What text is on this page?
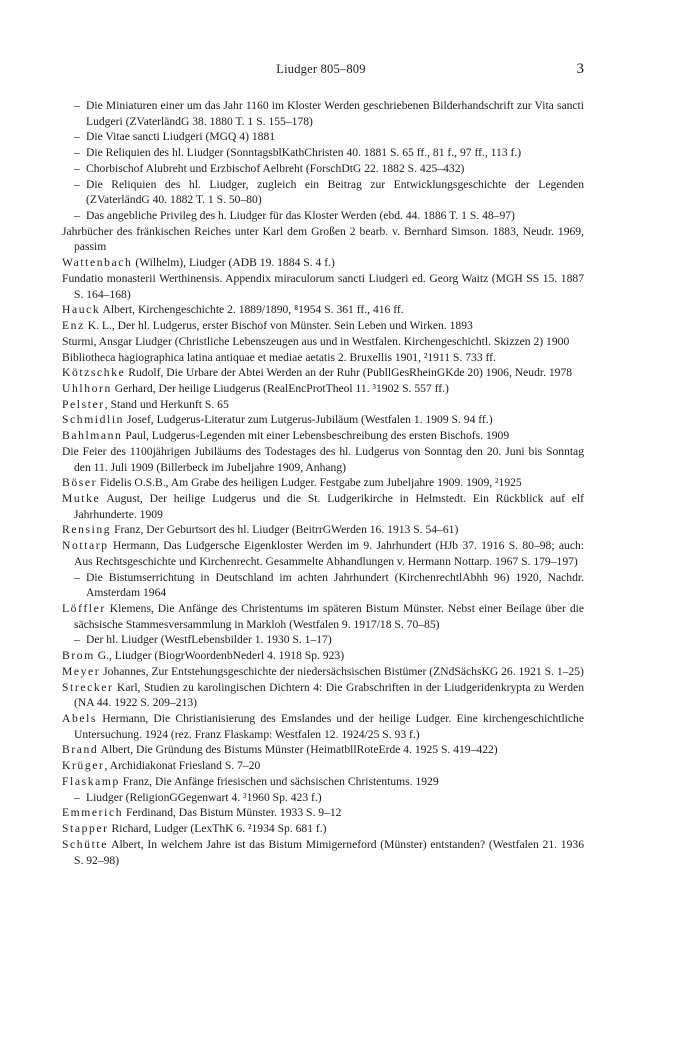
Liudger 805–809	3

– Die Miniaturen einer um das Jahr 1160 im Kloster Werden geschriebenen Bilderhandschrift zur Vita sancti Ludgeri (ZVaterländG 38. 1880 T. 1 S. 155–178)

– Die Vitae sancti Liudgeri (MGQ 4) 1881

– Die Reliquien des hl. Liudger (SonntagsblKathChristen 40. 1881 S. 65 ff., 81 f., 97 ff., 113 f.)

– Chorbischof Alubreht und Erzbischof Aelbreht (ForschDtG 22. 1882 S. 425–432)

– Die Reliquien des hl. Liudger, zugleich ein Beitrag zur Entwicklungsgeschichte der Legenden (ZVaterländG 40. 1882 T. 1 S. 50–80)

– Das angebliche Privileg des h. Liudger für das Kloster Werden (ebd. 44. 1886 T. 1 S. 48–97)

Jahrbücher des fränkischen Reiches unter Karl dem Großen 2 bearb. v. Bernhard Simson. 1883, Neudr. 1969, passim

Wattenbach (Wilhelm), Liudger (ADB 19. 1884 S. 4 f.)

Fundatio monasterii Werthinensis. Appendix miraculorum sancti Liudgeri ed. Georg Waitz (MGH SS 15. 1887 S. 164–168)

Hauck Albert, Kirchengeschichte 2. 1889/1890, ⁸1954 S. 361 ff., 416 ff.

Enz K. L., Der hl. Ludgerus, erster Bischof von Münster. Sein Leben und Wirken. 1893

Sturmi, Ansgar Liudger (Christliche Lebenszeugen aus und in Westfalen. Kirchengeschichtl. Skizzen 2) 1900

Bibliotheca hagiographica latina antiquae et mediae aetatis 2. Bruxellis 1901, ²1911 S. 733 ff.

Kötzschke Rudolf, Die Urbare der Abtei Werden an der Ruhr (PubllGesRheinGKde 20) 1906, Neudr. 1978

Uhlhorn Gerhard, Der heilige Liudgerus (RealEncProtTheol 11. ³1902 S. 557 ff.)

Pelster, Stand und Herkunft S. 65

Schmidlin Josef, Ludgerus-Literatur zum Lutgerus-Jubiläum (Westfalen 1. 1909 S. 94 ff.)

Bahlmann Paul, Ludgerus-Legenden mit einer Lebensbeschreibung des ersten Bischofs. 1909

Die Feier des 1100jährigen Jubiläums des Todestages des hl. Ludgerus von Sonntag den 20. Juni bis Sonntag den 11. Juli 1909 (Billerbeck im Jubeljahre 1909, Anhang)

Böser Fidelis O.S.B., Am Grabe des heiligen Ludger. Festgabe zum Jubeljahre 1909. 1909, ²1925

Mutke August, Der heilige Ludgerus und die St. Ludgerikirche in Helmstedt. Ein Rückblick auf elf Jahrhunderte. 1909

Rensing Franz, Der Geburtsort des hl. Liudger (BeitrrGWerden 16. 1913 S. 54–61)

Nottarp Hermann, Das Ludgersche Eigenkloster Werden im 9. Jahrhundert (HJb 37. 1916 S. 80–98; auch: Aus Rechtsgeschichte und Kirchenrecht. Gesammelte Abhandlungen v. Hermann Nottarp. 1967 S. 179–197)

– Die Bistumserrichtung in Deutschland im achten Jahrhundert (KirchenrechtlAbhh 96) 1920, Nachdr. Amsterdam 1964

Löffler Klemens, Die Anfänge des Christentums im späteren Bistum Münster. Nebst einer Beilage über die sächsische Stammesversammlung in Markloh (Westfalen 9. 1917/18 S. 70–85)

– Der hl. Liudger (WestfLebensbilder 1. 1930 S. 1–17)

Brom G., Liudger (BiogrWoordenbNederl 4. 1918 Sp. 923)

Meyer Johannes, Zur Entstehungsgeschichte der niedersächsischen Bistümer (ZNdSächsKG 26. 1921 S. 1–25)

Strecker Karl, Studien zu karolingischen Dichtern 4: Die Grabschriften in der Liudgeridenkrypta zu Werden (NA 44. 1922 S. 209–213)

Abels Hermann, Die Christianisierung des Emslandes und der heilige Ludger. Eine kirchengeschichtliche Untersuchung. 1924 (rez. Franz Flaskamp: Westfalen 12. 1924/25 S. 93 f.)

Brand Albert, Die Gründung des Bistums Münster (HeimatbllRoteErde 4. 1925 S. 419–422)

Krüger, Archidiakonat Friesland S. 7–20

Flaskamp Franz, Die Anfänge friesischen und sächsischen Christentums. 1929

– Liudger (ReligionGGegenwart 4. ³1960 Sp. 423 f.)

Emmerich Ferdinand, Das Bistum Münster. 1933 S. 9–12

Stapper Richard, Ludger (LexThK 6. ²1934 Sp. 681 f.)

Schütte Albert, In welchem Jahre ist das Bistum Mimigerneford (Münster) entstanden? (Westfalen 21. 1936 S. 92–98)
